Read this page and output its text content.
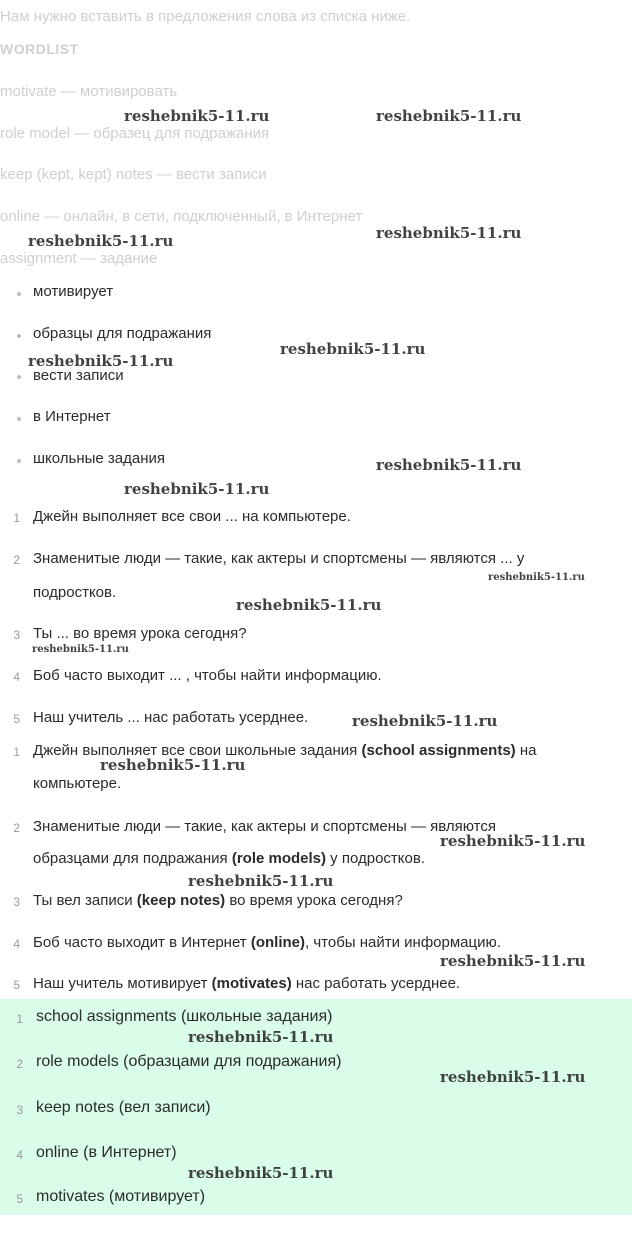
Нам нужно вставить в предложения слова из списка ниже.
WORDLIST
motivate — мотивировать
role model — образец для подражания
keep (kept, kept) notes — вести записи
online — онлайн, в сети, подключенный, в Интернет
assignment — задание
мотивирует
образцы для подражания
вести записи
в Интернет
школьные задания
1 Джейн выполняет все свои ... на компьютере.
2 Знаменитые люди — такие, как актеры и спортсмены — являются ... у
подростков.
3 Ты ... во время урока сегодня?
4 Боб часто выходит ... , чтобы найти информацию.
5 Наш учитель ... нас работать усерднее.
1 Джейн выполняет все свои школьные задания (school assignments) на
компьютере.
2 Знаменитые люди — такие, как актеры и спортсмены — являются
образцами для подражания (role models) у подростков.
3 Ты вел записи (keep notes) во время урока сегодня?
4 Боб часто выходит в Интернет (online), чтобы найти информацию.
5 Наш учитель мотивирует (motivates) нас работать усерднее.
1 school assignments (школьные задания)
2 role models (образцами для подражания)
3 keep notes (вел записи)
4 online (в Интернет)
5 motivates (мотивирует)
reshebnik5-11.ru	reshebnik5-11.ru
reshebnik5-11.ru	reshebnik5-11.ru
reshebnik5-11.ru
reshebnik5-11.ru
reshebnik5-11.ru
reshebnik5-11.ru
reshebnik5-11.ru
reshebnik5-11.ru
reshebnik5-11.ru
reshebnik5-11.ru
reshebnik5-11.ru
reshebnik5-11.ru
reshebnik5-11.ru
reshebnik5-11.ru
reshebnik5-11.ru
reshebnik5-11.ru
reshebnik5-11.ru
